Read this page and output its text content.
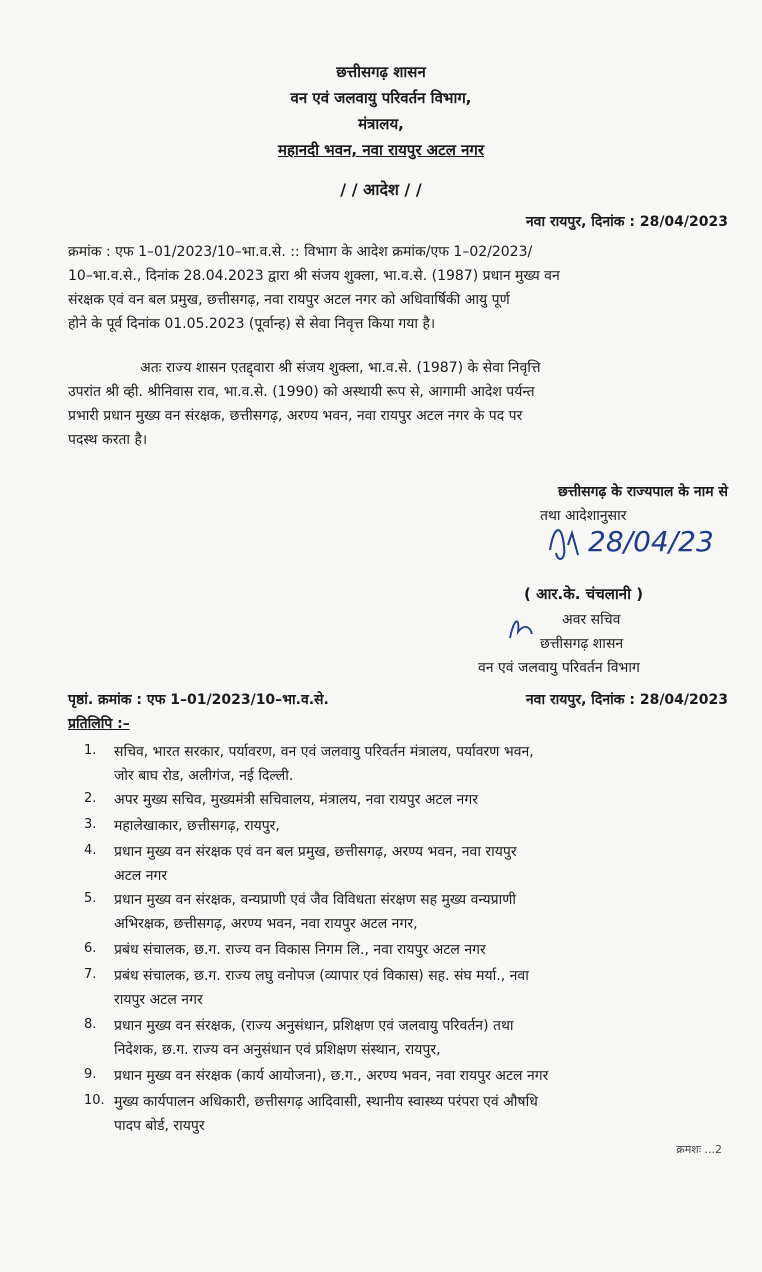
छत्तीसगढ़ शासन
वन एवं जलवायु परिवर्तन विभाग,
मंत्रालय,
महानदी भवन, नवा रायपुर अटल नगर
/ / आदेश / /
नवा रायपुर, दिनांक : 28/04/2023
क्रमांक : एफ 1–01/2023/10–भा.व.से. :: विभाग के आदेश क्रमांक/एफ 1–02/2023/
10–भा.व.से., दिनांक 28.04.2023 द्वारा श्री संजय शुक्ला, भा.व.से. (1987) प्रधान मुख्य वन
संरक्षक एवं वन बल प्रमुख, छत्तीसगढ़, नवा रायपुर अटल नगर को अधिवार्षिकी आयु पूर्ण
होने के पूर्व दिनांक 01.05.2023 (पूर्वान्ह) से सेवा निवृत्त किया गया है।
अतः राज्य शासन एतद्द्वारा श्री संजय शुक्ला, भा.व.से. (1987) के सेवा निवृत्ति
उपरांत श्री व्ही. श्रीनिवास राव, भा.व.से. (1990) को अस्थायी रूप से, आगामी आदेश पर्यन्त
प्रभारी प्रधान मुख्य वन संरक्षक, छत्तीसगढ़, अरण्य भवन, नवा रायपुर अटल नगर के पद पर
पदस्थ करता है।
छत्तीसगढ़ के राज्यपाल के नाम से
तथा आदेशानुसार
28/04/23
( आर.के. चंचलानी )
अवर सचिव
छत्तीसगढ़ शासन
वन एवं जलवायु परिवर्तन विभाग
पृष्ठां. क्रमांक : एफ 1–01/2023/10–भा.व.से.	नवा रायपुर, दिनांक : 28/04/2023
प्रतिलिपि :–
1.	सचिव, भारत सरकार, पर्यावरण, वन एवं जलवायु परिवर्तन मंत्रालय, पर्यावरण भवन,
जोर बाघ रोड, अलीगंज, नई दिल्ली.
2.	अपर मुख्य सचिव, मुख्यमंत्री सचिवालय, मंत्रालय, नवा रायपुर अटल नगर
3.	महालेखाकार, छत्तीसगढ़, रायपुर,
4.	प्रधान मुख्य वन संरक्षक एवं वन बल प्रमुख, छत्तीसगढ़, अरण्य भवन, नवा रायपुर
अटल नगर
5.	प्रधान मुख्य वन संरक्षक, वन्यप्राणी एवं जैव विविधता संरक्षण सह मुख्य वन्यप्राणी
अभिरक्षक, छत्तीसगढ़, अरण्य भवन, नवा रायपुर अटल नगर,
6.	प्रबंध संचालक, छ.ग. राज्य वन विकास निगम लि., नवा रायपुर अटल नगर
7.	प्रबंध संचालक, छ.ग. राज्य लघु वनोपज (व्यापार एवं विकास) सह. संघ मर्या., नवा
रायपुर अटल नगर
8.	प्रधान मुख्य वन संरक्षक, (राज्य अनुसंधान, प्रशिक्षण एवं जलवायु परिवर्तन) तथा
निदेशक, छ.ग. राज्य वन अनुसंधान एवं प्रशिक्षण संस्थान, रायपुर,
9.	प्रधान मुख्य वन संरक्षक (कार्य आयोजना), छ.ग., अरण्य भवन, नवा रायपुर अटल नगर
10. मुख्य कार्यपालन अधिकारी, छत्तीसगढ़ आदिवासी, स्थानीय स्वास्थ्य परंपरा एवं औषधि
पादप बोर्ड, रायपुर
क्रमशः ...2
